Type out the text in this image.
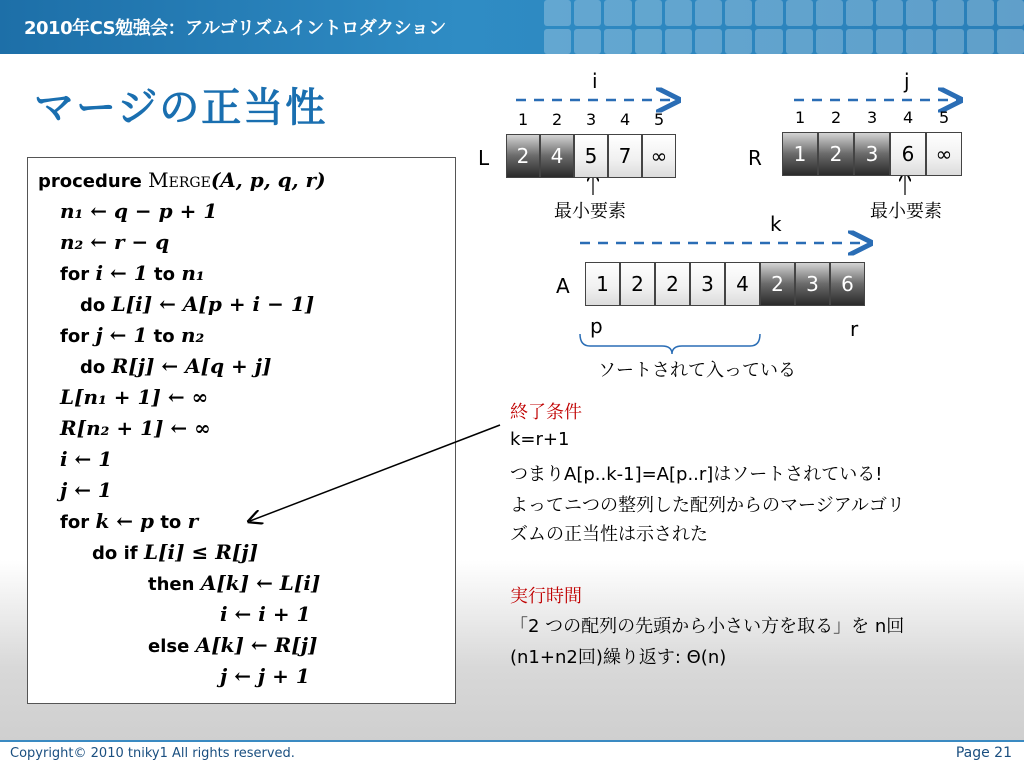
2010年CS勉強会：アルゴリズムイントロダクション
マージの正当性
procedure Merge(A, p, q, r)
n₁ ← q − p + 1
n₂ ← r − q
for i ← 1 to n₁
do L[i] ← A[p + i − 1]
for j ← 1 to n₂
do R[j] ← A[q + j]
L[n₁ + 1] ← ∞
R[n₂ + 1] ← ∞
i ← 1
j ← 1
for k ← p to r
do if L[i] ≤ R[j]
then A[k] ← L[i]
i ← i + 1
else A[k] ← R[j]
j ← j + 1
i
L
1 2 3 4 5
2	4	5	7 ∞
最小要素
j
R
1 2 3 4 5
1	2	3	6	∞
最小要素
k
A	1	2	2	3	4	2	3	6
p	r
ソートされて入っている
終了条件
k=r+1
つまりA[p..k-1]=A[p..r]はソートされている!
よってニつの整列した配列からのマージアルゴリ
ズムの正当性は示された
実行時間
「2 つの配列の先頭から小さい方を取る」を n回
(n1+n2回)繰り返す: Θ(n)
Copyright© 2010 tniky1 All rights reserved.	Page 21
